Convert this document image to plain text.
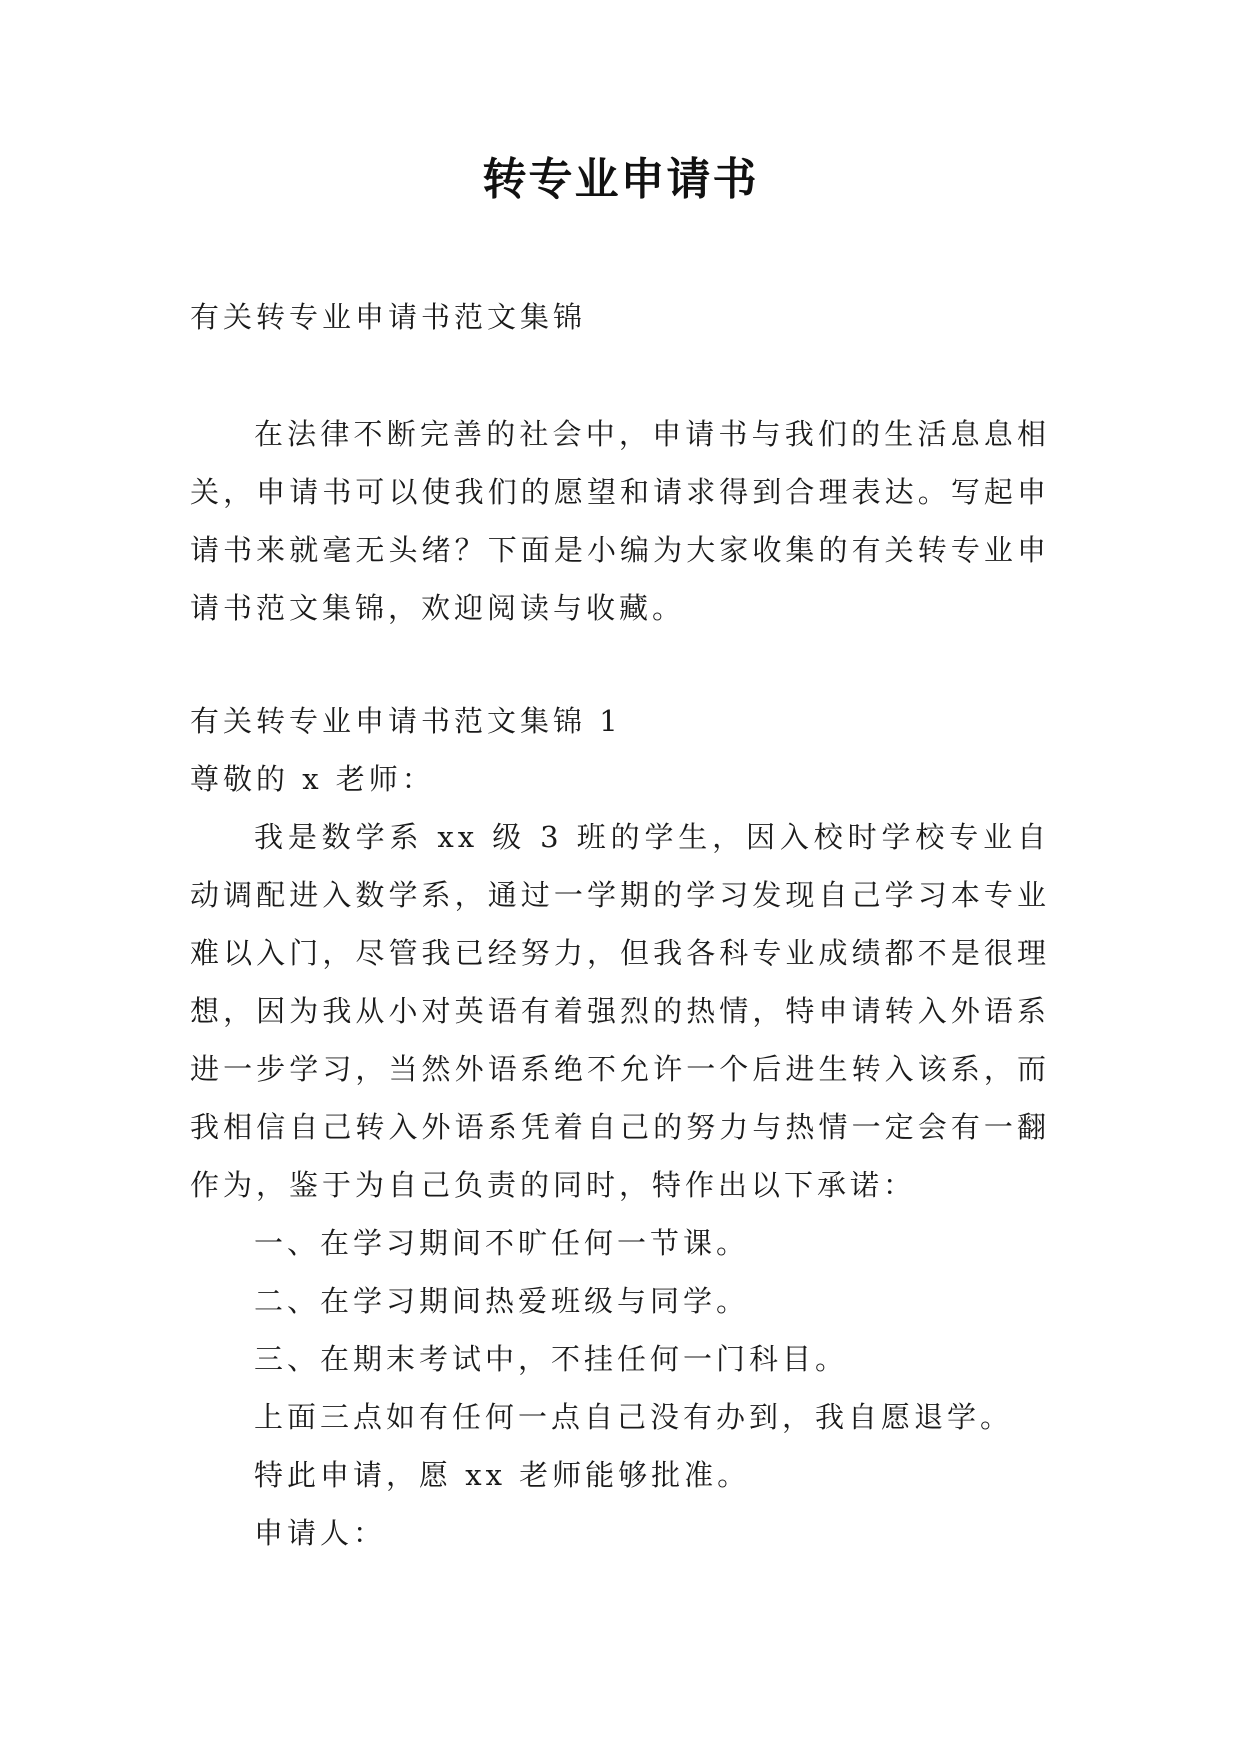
转专业申请书

有关转专业申请书范文集锦

在法律不断完善的社会中，申请书与我们的生活息息相关，申请书可以使我们的愿望和请求得到合理表达。写起申请书来就毫无头绪？下面是小编为大家收集的有关转专业申请书范文集锦，欢迎阅读与收藏。

有关转专业申请书范文集锦 1

尊敬的 x 老师：

我是数学系 xx 级 3 班的学生，因入校时学校专业自动调配进入数学系，通过一学期的学习发现自己学习本专业难以入门，尽管我已经努力，但我各科专业成绩都不是很理想，因为我从小对英语有着强烈的热情，特申请转入外语系进一步学习，当然外语系绝不允许一个后进生转入该系，而我相信自己转入外语系凭着自己的努力与热情一定会有一翻作为，鉴于为自己负责的同时，特作出以下承诺：

一、在学习期间不旷任何一节课。

二、在学习期间热爱班级与同学。

三、在期末考试中，不挂任何一门科目。

上面三点如有任何一点自己没有办到，我自愿退学。

特此申请，愿 xx 老师能够批准。

申请人：
